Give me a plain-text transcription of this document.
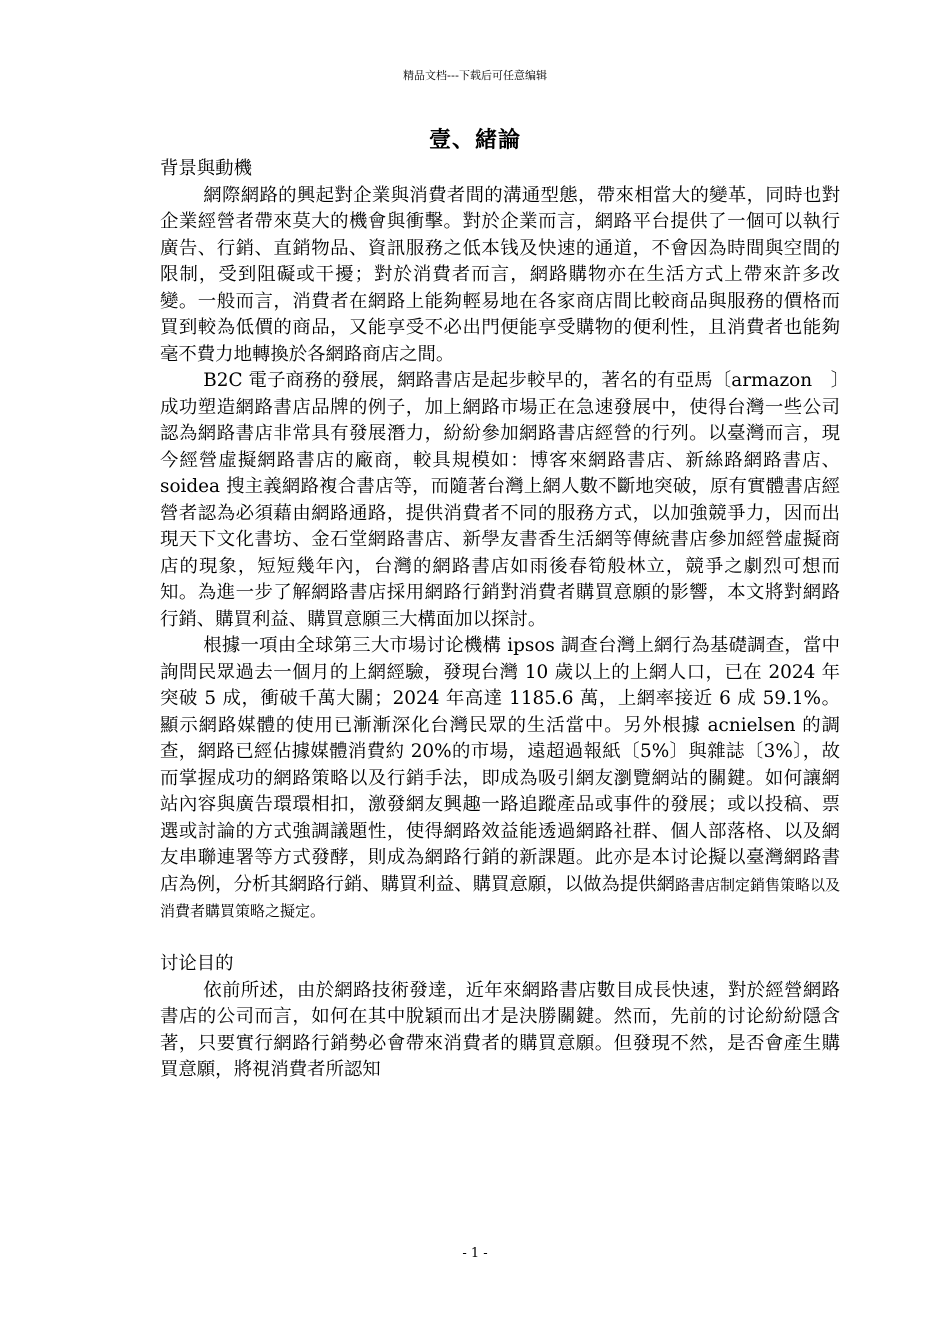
精品文档---下载后可任意编辑
壹、緒論
背景與動機

網際網路的興起對企業與消費者間的溝通型態，帶來相當大的變革，同時也對企業經營者帶來莫大的機會與衝擊。對於企業而言，網路平台提供了一個可以執行廣告、行銷、直銷物品、資訊服務之低本钱及快速的通道，不會因為時間與空間的限制，受到阻礙或干擾；對於消費者而言，網路購物亦在生活方式上帶來許多改變。一般而言，消費者在網路上能夠輕易地在各家商店間比較商品與服務的價格而買到較為低價的商品，又能享受不必出門便能享受購物的便利性，且消費者也能夠毫不費力地轉換於各網路商店之間。

B2C 電子商務的發展，網路書店是起步較早的，著名的有亞馬〔armazon　〕成功塑造網路書店品牌的例子，加上網路市場正在急速發展中，使得台灣一些公司認為網路書店非常具有發展潛力，紛紛參加網路書店經營的行列。以臺灣而言，現今經營虛擬網路書店的廠商，較具規模如：博客來網路書店、新絲路網路書店、soidea 搜主義網路複合書店等，而隨著台灣上網人數不斷地突破，原有實體書店經營者認為必須藉由網路通路，提供消費者不同的服務方式，以加強競爭力，因而出現天下文化書坊、金石堂網路書店、新學友書香生活網等傳統書店參加經營虛擬商店的現象，短短幾年內，台灣的網路書店如雨後春筍般林立，競爭之劇烈可想而知。為進一步了解網路書店採用網路行銷對消費者購買意願的影響，本文將對網路行銷、購買利益、購買意願三大構面加以探討。

根據一項由全球第三大市場讨论機構 ipsos 調查台灣上網行為基礎調查，當中詢問民眾過去一個月的上網經驗，發現台灣 10 歲以上的上網人口，已在 2024 年突破 5 成，衝破千萬大關；2024 年高達 1185.6 萬，上網率接近 6 成 59.1%。顯示網路媒體的使用已漸漸深化台灣民眾的生活當中。另外根據 acnielsen 的調查，網路已經佔據媒體消費約 20%的市場，遠超過報紙〔5%〕與雜誌〔3%〕，故而掌握成功的網路策略以及行銷手法，即成為吸引網友瀏覽網站的關鍵。如何讓網站內容與廣告環環相扣，激發網友興趣一路追蹤產品或事件的發展；或以投稿、票選或討論的方式強調議題性，使得網路效益能透過網路社群、個人部落格、以及網友串聯連署等方式發酵，則成為網路行銷的新課題。此亦是本讨论擬以臺灣網路書店為例，分析其網路行銷、購買利益、購買意願，以做為提供網路書店制定銷售策略以及消費者購買策略之擬定。

讨论目的

依前所述，由於網路技術發達，近年來網路書店數目成長快速，對於經營網路書店的公司而言，如何在其中脫穎而出才是決勝關鍵。然而，先前的讨论紛紛隱含著，只要實行網路行銷勢必會帶來消費者的購買意願。但發現不然，是否會產生購買意願，將視消費者所認知

- 1 -
